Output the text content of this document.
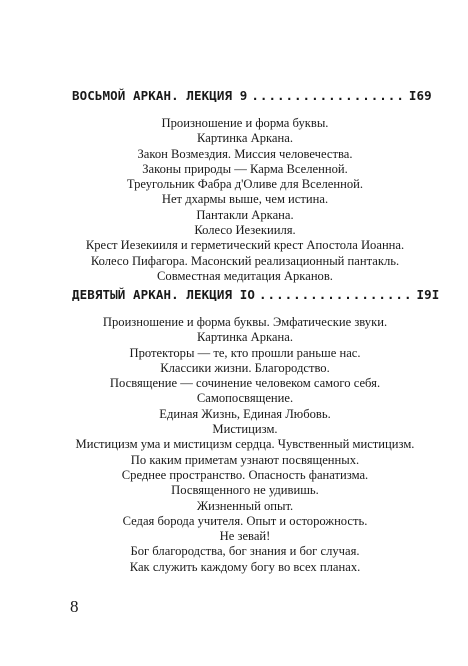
ВОСЬМОЙ АРКАН. ЛЕКЦИЯ 9 .................. I69
Произношение и форма буквы.
Картинка Аркана.
Закон Возмездия. Миссия человечества.
Законы природы — Карма Вселенной.
Треугольник Фабра д'Оливе для Вселенной.
Нет дхармы выше, чем истина.
Пантакли Аркана.
Колесо Иезекииля.
Крест Иезекииля и герметический крест Апостола Иоанна.
Колесо Пифагора. Масонский реализационный пантакль.
Совместная медитация Арканов.
ДЕВЯТЫЙ АРКАН. ЛЕКЦИЯ IO .................. I9I
Произношение и форма буквы. Эмфатические звуки.
Картинка Аркана.
Протекторы — те, кто прошли раньше нас.
Классики жизни. Благородство.
Посвящение — сочинение человеком самого себя.
Самопосвящение.
Единая Жизнь, Единая Любовь.
Мистицизм.
Мистицизм ума и мистицизм сердца. Чувственный мистицизм.
По каким приметам узнают посвященных.
Среднее пространство. Опасность фанатизма.
Посвященного не удивишь.
Жизненный опыт.
Седая борода учителя. Опыт и осторожность.
Не зевай!
Бог благородства, бог знания и бог случая.
Как служить каждому богу во всех планах.
8
